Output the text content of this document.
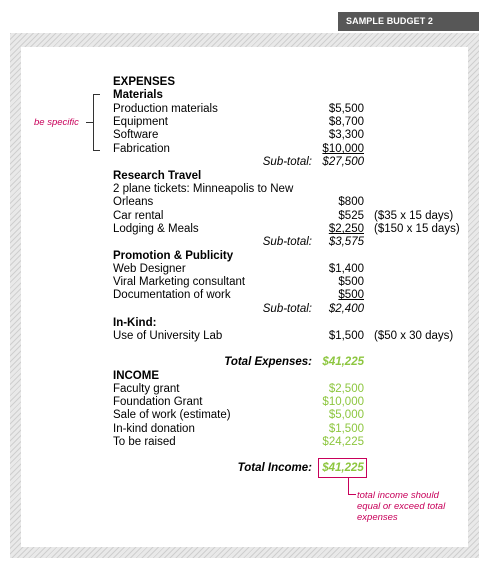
SAMPLE BUDGET 2
EXPENSES
Materials
Production materials	$5,500
Equipment	$8,700
Software	$3,300
Fabrication	$10,000
Sub-total: $27,500
Research Travel
2 plane tickets: Minneapolis to New
Orleans	$800
Car rental	$525 ($35 x 15 days)
Lodging & Meals	$2,250 ($150 x 15 days)
Sub-total:	$3,575
Promotion & Publicity
Web Designer	$1,400
Viral Marketing consultant	$500
Documentation of work	$500
Sub-total:	$2,400
In-Kind:
Use of University Lab	$1,500 ($50 x 30 days)
Total Expenses: $41,225
INCOME
Faculty grant	$2,500
Foundation Grant	$10,000
Sale of work (estimate)	$5,000
In-kind donation	$1,500
To be raised	$24,225
Total Income: $41,225
be specific
total income should
equal or exceed total
expenses
